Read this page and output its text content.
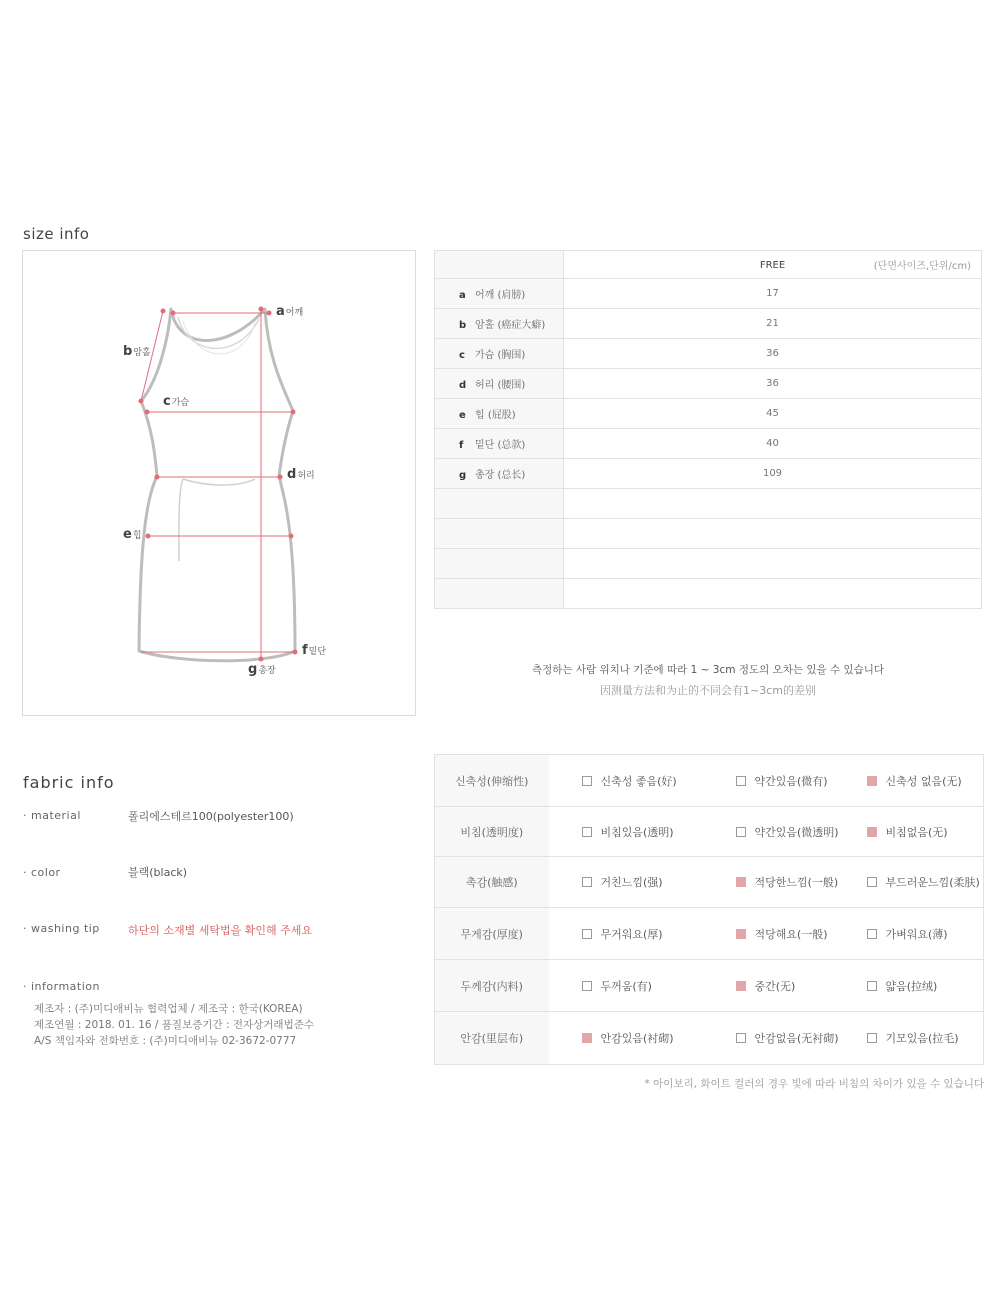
size info
a어깨
b암홀
c가슴
d허리
e힙
f밑단
g총장
	FREE (단면사이즈,단위/cm)

a 어깨 (肩膀)	17
b 암홀 (癌症大癖)	21
c 가슴 (胸围)	36
d 허리 (腰围)	36
e 힙 (屁股)	45
f 밑단 (总款)	40
g 총장 (总长)	109

측정하는 사람 위치나 기준에 따라 1 ~ 3cm 정도의 오차는 있을 수 있습니다
因测量方法和为止的不同会有1~3cm的差别
fabric info
· material	폴리에스테르100(polyester100)
· color	블랙(black)
· washing tip	하단의 소재별 세탁법을 확인해 주세요
· information
제조자 : (주)미디애비뉴 협력업체 / 제조국 : 한국(KOREA)
제조연월 : 2018. 01. 16 / 품질보증기간 : 전자상거래법준수
A/S 책임자와 전화번호 : (주)미디애비뉴 02-3672-0777
신축성(伸缩性)	신축성 좋음(好)	약간있음(微有)	신축성 없음(无)
비침(透明度)	비침있음(透明)	약간있음(微透明)	비침없음(无)
촉감(触感)	거친느낌(强)	적당한느낌(一般)	부드러운느낌(柔肤)
무게감(厚度)	무거워요(厚)	적당해요(一般)	가벼워요(薄)
두께감(内料)	두꺼움(有)	중간(无)	얇음(拉绒)
안감(里层布)	안감있음(衬砌)	안감없음(无衬砌)	기모있음(拉毛)
* 아이보리, 화이트 컬러의 경우 빛에 따라 비침의 차이가 있을 수 있습니다
